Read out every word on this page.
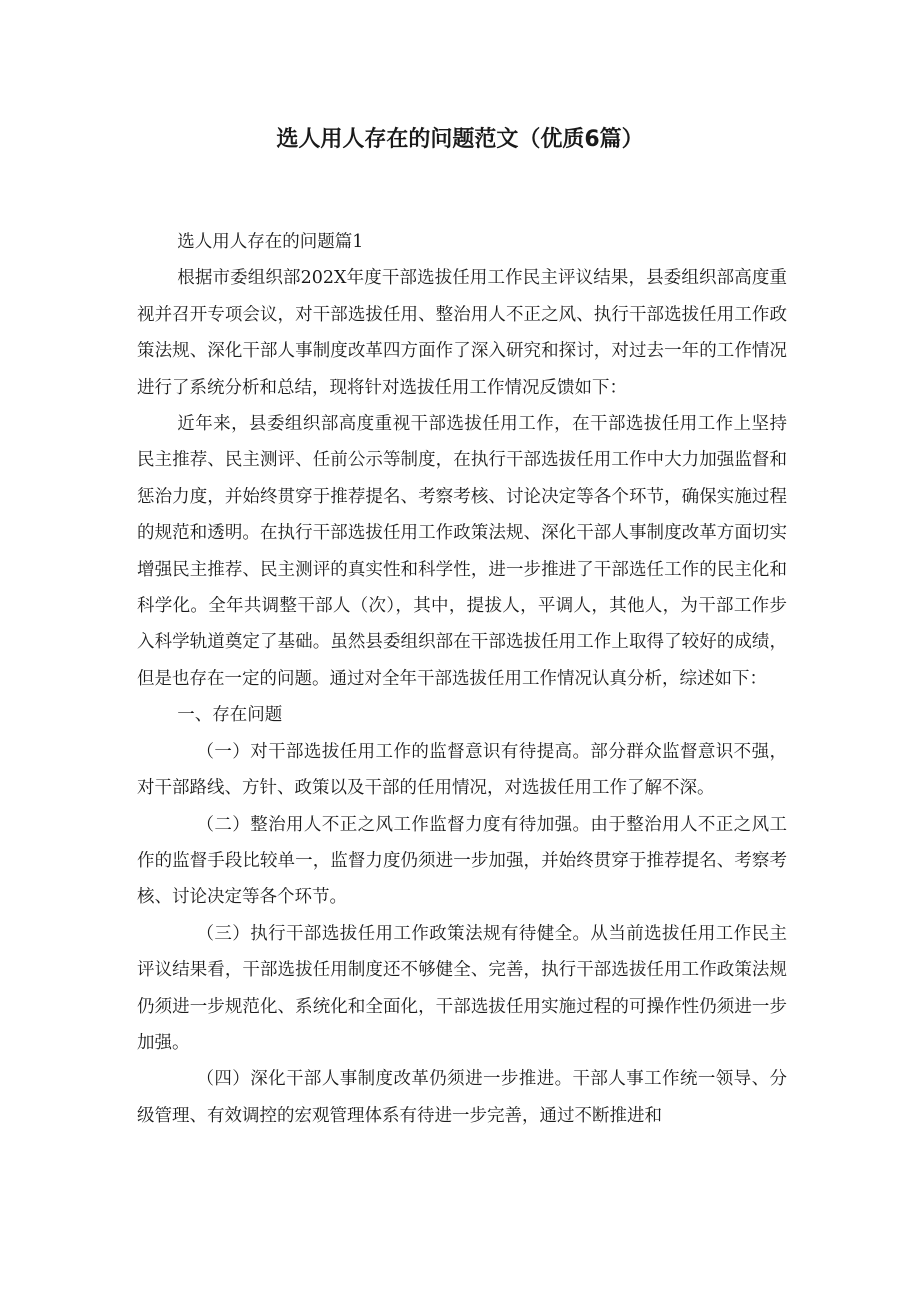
选人用人存在的问题范文（优质6篇）

选人用人存在的问题篇1

根据市委组织部202X年度干部选拔任用工作民主评议结果，县委组织部高度重视并召开专项会议，对干部选拔任用、整治用人不正之风、执行干部选拔任用工作政策法规、深化干部人事制度改革四方面作了深入研究和探讨，对过去一年的工作情况进行了系统分析和总结，现将针对选拔任用工作情况反馈如下：

近年来，县委组织部高度重视干部选拔任用工作，在干部选拔任用工作上坚持民主推荐、民主测评、任前公示等制度，在执行干部选拔任用工作中大力加强监督和惩治力度，并始终贯穿于推荐提名、考察考核、讨论决定等各个环节，确保实施过程的规范和透明。在执行干部选拔任用工作政策法规、深化干部人事制度改革方面切实增强民主推荐、民主测评的真实性和科学性，进一步推进了干部选任工作的民主化和科学化。全年共调整干部人（次），其中，提拔人，平调人，其他人，为干部工作步入科学轨道奠定了基础。虽然县委组织部在干部选拔任用工作上取得了较好的成绩，但是也存在一定的问题。通过对全年干部选拔任用工作情况认真分析，综述如下：

一、存在问题

（一）对干部选拔任用工作的监督意识有待提高。部分群众监督意识不强，对干部路线、方针、政策以及干部的任用情况，对选拔任用工作了解不深。

（二）整治用人不正之风工作监督力度有待加强。由于整治用人不正之风工作的监督手段比较单一，监督力度仍须进一步加强，并始终贯穿于推荐提名、考察考核、讨论决定等各个环节。

（三）执行干部选拔任用工作政策法规有待健全。从当前选拔任用工作民主评议结果看，干部选拔任用制度还不够健全、完善，执行干部选拔任用工作政策法规仍须进一步规范化、系统化和全面化，干部选拔任用实施过程的可操作性仍须进一步加强。

（四）深化干部人事制度改革仍须进一步推进。干部人事工作统一领导、分级管理、有效调控的宏观管理体系有待进一步完善，通过不断推进和
